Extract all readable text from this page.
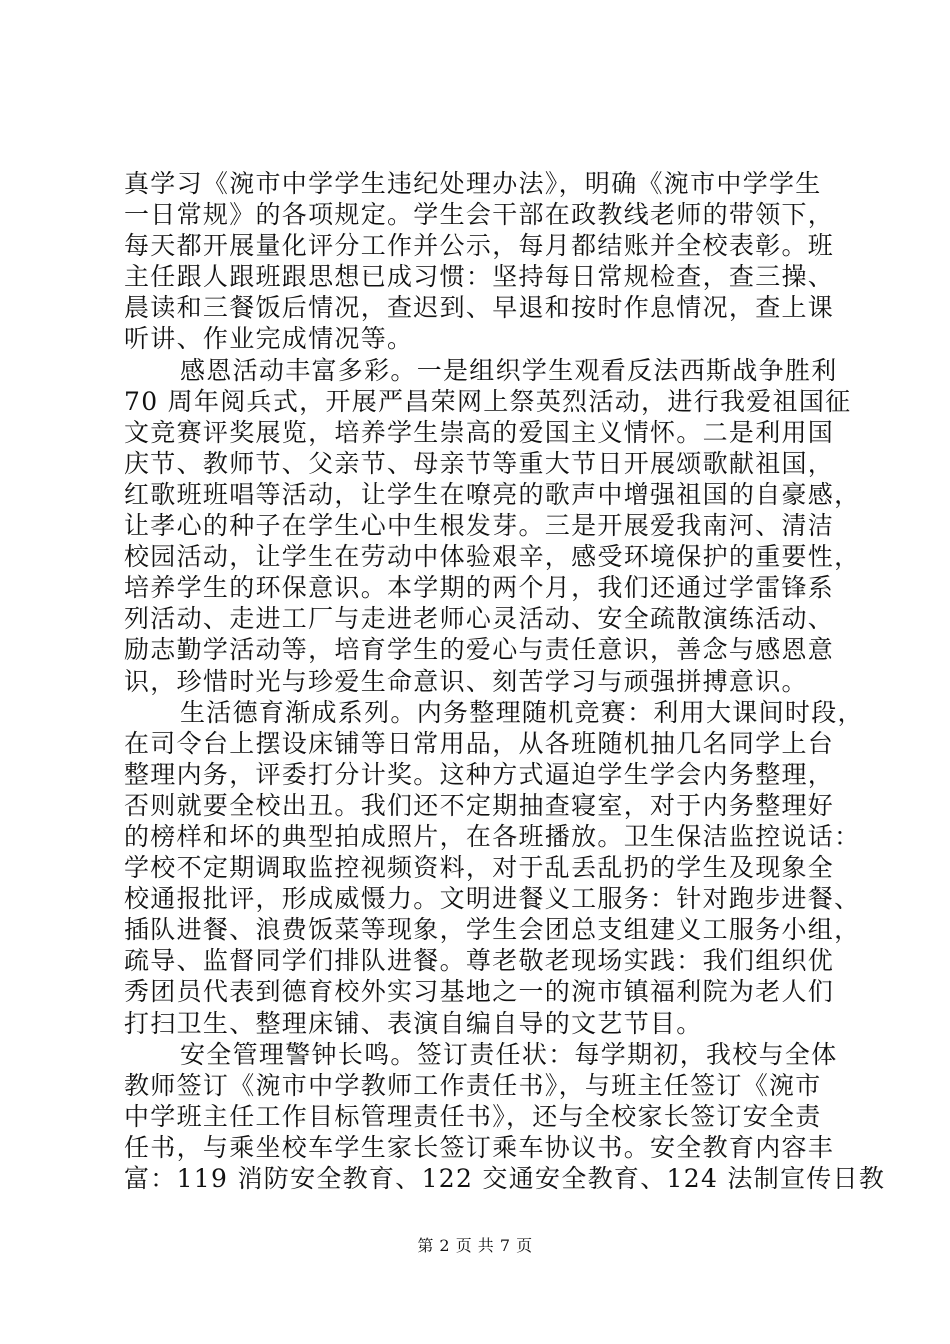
真学习《涴市中学学生违纪处理办法》，明确《涴市中学学生
一日常规》的各项规定。学生会干部在政教线老师的带领下，
每天都开展量化评分工作并公示，每月都结账并全校表彰。班
主任跟人跟班跟思想已成习惯：坚持每日常规检查，查三操、
晨读和三餐饭后情况，查迟到、早退和按时作息情况，查上课
听讲、作业完成情况等。
感恩活动丰富多彩。一是组织学生观看反法西斯战争胜利
70 周年阅兵式，开展严昌荣网上祭英烈活动，进行我爱祖国征
文竞赛评奖展览，培养学生崇高的爱国主义情怀。二是利用国
庆节、教师节、父亲节、母亲节等重大节日开展颂歌献祖国，
红歌班班唱等活动，让学生在嘹亮的歌声中增强祖国的自豪感，
让孝心的种子在学生心中生根发芽。三是开展爱我南河、清洁
校园活动，让学生在劳动中体验艰辛，感受环境保护的重要性，
培养学生的环保意识。本学期的两个月，我们还通过学雷锋系
列活动、走进工厂与走进老师心灵活动、安全疏散演练活动、
励志勤学活动等，培育学生的爱心与责任意识，善念与感恩意
识，珍惜时光与珍爱生命意识、刻苦学习与顽强拼搏意识。
生活德育渐成系列。内务整理随机竞赛：利用大课间时段，
在司令台上摆设床铺等日常用品，从各班随机抽几名同学上台
整理内务，评委打分计奖。这种方式逼迫学生学会内务整理，
否则就要全校出丑。我们还不定期抽查寝室，对于内务整理好
的榜样和坏的典型拍成照片，在各班播放。卫生保洁监控说话：
学校不定期调取监控视频资料，对于乱丢乱扔的学生及现象全
校通报批评，形成威慑力。文明进餐义工服务：针对跑步进餐、
插队进餐、浪费饭菜等现象，学生会团总支组建义工服务小组，
疏导、监督同学们排队进餐。尊老敬老现场实践：我们组织优
秀团员代表到德育校外实习基地之一的涴市镇福利院为老人们
打扫卫生、整理床铺、表演自编自导的文艺节目。
安全管理警钟长鸣。签订责任状：每学期初，我校与全体
教师签订《涴市中学教师工作责任书》，与班主任签订《涴市
中学班主任工作目标管理责任书》，还与全校家长签订安全责
任书，与乘坐校车学生家长签订乘车协议书。安全教育内容丰
富：119 消防安全教育、122 交通安全教育、124 法制宣传日教
第 2 页 共 7 页
